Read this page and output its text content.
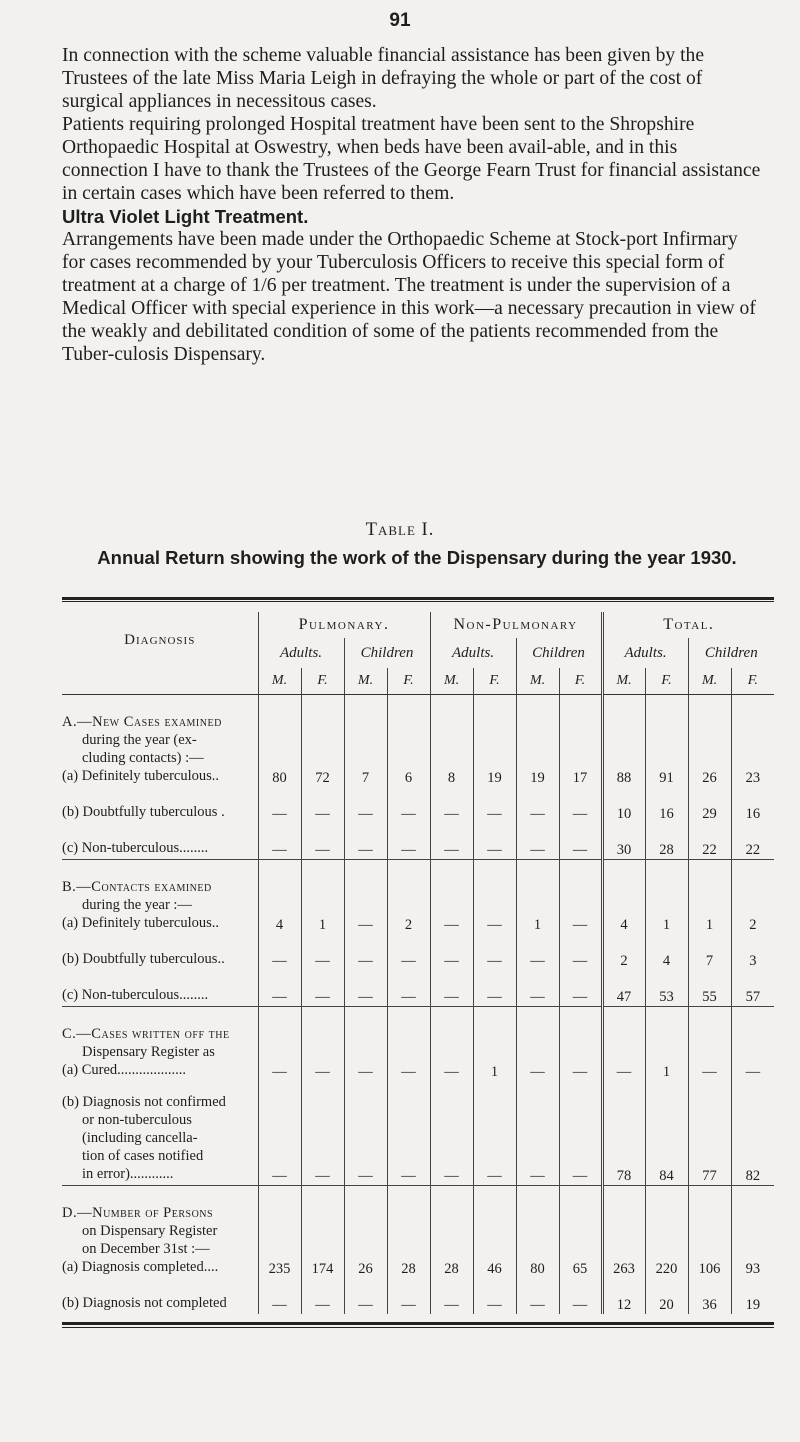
91

In connection with the scheme valuable financial assistance has been given by the Trustees of the late Miss Maria Leigh in defraying the whole or part of the cost of surgical appliances in necessitous cases.

Patients requiring prolonged Hospital treatment have been sent to the Shropshire Orthopaedic Hospital at Oswestry, when beds have been avail-able, and in this connection I have to thank the Trustees of the George Fearn Trust for financial assistance in certain cases which have been referred to them.

Ultra Violet Light Treatment.

Arrangements have been made under the Orthopaedic Scheme at Stock-port Infirmary for cases recommended by your Tuberculosis Officers to receive this special form of treatment at a charge of 1/6 per treatment. The treatment is under the supervision of a Medical Officer with special experience in this work—a necessary precaution in view of the weakly and debilitated condition of some of the patients recommended from the Tuber-culosis Dispensary.

Table I.
Annual Return showing the work of the Dispensary during the year 1930.
Diagnosis	Pulmonary.				Non-Pulmonary				Total.			
	Adults.		Children		Adults.		Children		Adults.		Children	
	M.	F.	M.	F.	M.	F.	M.	F.	M.	F.	M.	F.

A.—New Cases examined
during the year (ex-
cluding contacts) :—
(a) Definitely tuberculous..	80	72	7	6	8	19	19	17	88	91	26	23

(b) Doubtfully tuberculous .	—	—	—	—	—	—	—	—	10	16	29	16

(c) Non-tuberculous........	—	—	—	—	—	—	—	—	30	28	22	22

B.—Contacts examined
during the year :—
(a) Definitely tuberculous..	4	1	—	2	—	—	1	—	4	1	1	2

(b) Doubtfully tuberculous..	—	—	—	—	—	—	—	—	2	4	7	3

(c) Non-tuberculous........	—	—	—	—	—	—	—	—	47	53	55	57

C.—Cases written off the
Dispensary Register as
(a) Cured...................	—	—	—	—	—	1	—	—	—	1	—	—

(b) Diagnosis not confirmed
or non-tuberculous
(including cancella-
tion of cases notified
in error)............	—	—	—	—	—	—	—	—	78	84	77	82

D.—Number of Persons
on Dispensary Register
on December 31st :—
(a) Diagnosis completed....	235	174	26	28	28	46	80	65	263	220	106	93

(b) Diagnosis not completed	—	—	—	—	—	—	—	—	12	20	36	19
